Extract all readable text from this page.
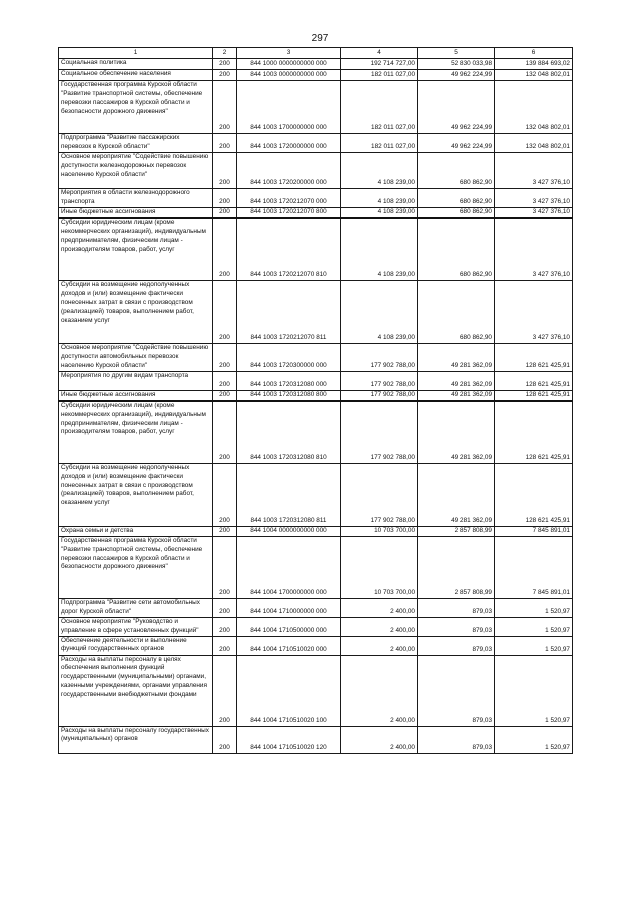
297
1	2	3	4	5	6
Социальная политика	200	844 1000 0000000000 000	192 714 727,00	52 830 033,98	139 884 693,02
Социальное обеспечение населения	200	844 1003 0000000000 000	182 011 027,00	49 962 224,99	132 048 802,01
Государственная программа Курской области "Развитие транспортной системы, обеспечение перевозки пассажиров в Курской области и безопасности дорожного движения"	200	844 1003 1700000000 000	182 011 027,00	49 962 224,99	132 048 802,01
Подпрограмма "Развитие пассажирских перевозок в Курской области"	200	844 1003 1720000000 000	182 011 027,00	49 962 224,99	132 048 802,01
Основное мероприятие "Содействие повышению доступности железнодорожных перевозок населению Курской области"	200	844 1003 1720200000 000	4 108 239,00	680 862,90	3 427 376,10
Мероприятия в области железнодорожного транспорта	200	844 1003 1720212070 000	4 108 239,00	680 862,90	3 427 376,10
Иные бюджетные ассигнования	200	844 1003 1720212070 800	4 108 239,00	680 862,90	3 427 376,10
Субсидии юридическим лицам (кроме некоммерческих организаций), индивидуальным предпринимателям, физическим лицам - производителям товаров, работ, услуг	200	844 1003 1720212070 810	4 108 239,00	680 862,90	3 427 376,10
Субсидии на возмещение недополученных доходов и (или) возмещение фактически понесенных затрат в связи с производством (реализацией) товаров, выполнением работ, оказанием услуг	200	844 1003 1720212070 811	4 108 239,00	680 862,90	3 427 376,10
Основное мероприятие "Содействие повышению доступности автомобильных перевозок населению Курской области"	200	844 1003 1720300000 000	177 902 788,00	49 281 362,09	128 621 425,91
Мероприятия по другим видам транспорта	200	844 1003 1720312080 000	177 902 788,00	49 281 362,09	128 621 425,91
Иные бюджетные ассигнования	200	844 1003 1720312080 800	177 902 788,00	49 281 362,09	128 621 425,91
Субсидии юридическим лицам (кроме некоммерческих организаций), индивидуальным предпринимателям, физическим лицам - производителям товаров, работ, услуг	200	844 1003 1720312080 810	177 902 788,00	49 281 362,09	128 621 425,91
Субсидии на возмещение недополученных доходов и (или) возмещение фактически понесенных затрат в связи с производством (реализацией) товаров, выполнением работ, оказанием услуг	200	844 1003 1720312080 811	177 902 788,00	49 281 362,09	128 621 425,91
Охрана семьи и детства	200	844 1004 0000000000 000	10 703 700,00	2 857 808,99	7 845 891,01
Государственная программа Курской области "Развитие транспортной системы, обеспечение перевозки пассажиров в Курской области и безопасности дорожного движения"	200	844 1004 1700000000 000	10 703 700,00	2 857 808,99	7 845 891,01
Подпрограмма "Развитие сети автомобильных дорог Курской области"	200	844 1004 1710000000 000	2 400,00	879,03	1 520,97
Основное мероприятие "Руководство и управление в сфере установленных функций"	200	844 1004 1710500000 000	2 400,00	879,03	1 520,97
Обеспечение деятельности и выполнение функций государственных органов	200	844 1004 1710510020 000	2 400,00	879,03	1 520,97
Расходы на выплаты персоналу в целях обеспечения выполнения функций государственными (муниципальными) органами, казенными учреждениями, органами управления государственными внебюджетными фондами	200	844 1004 1710510020 100	2 400,00	879,03	1 520,97
Расходы на выплаты персоналу государственных (муниципальных) органов	200	844 1004 1710510020 120	2 400,00	879,03	1 520,97
